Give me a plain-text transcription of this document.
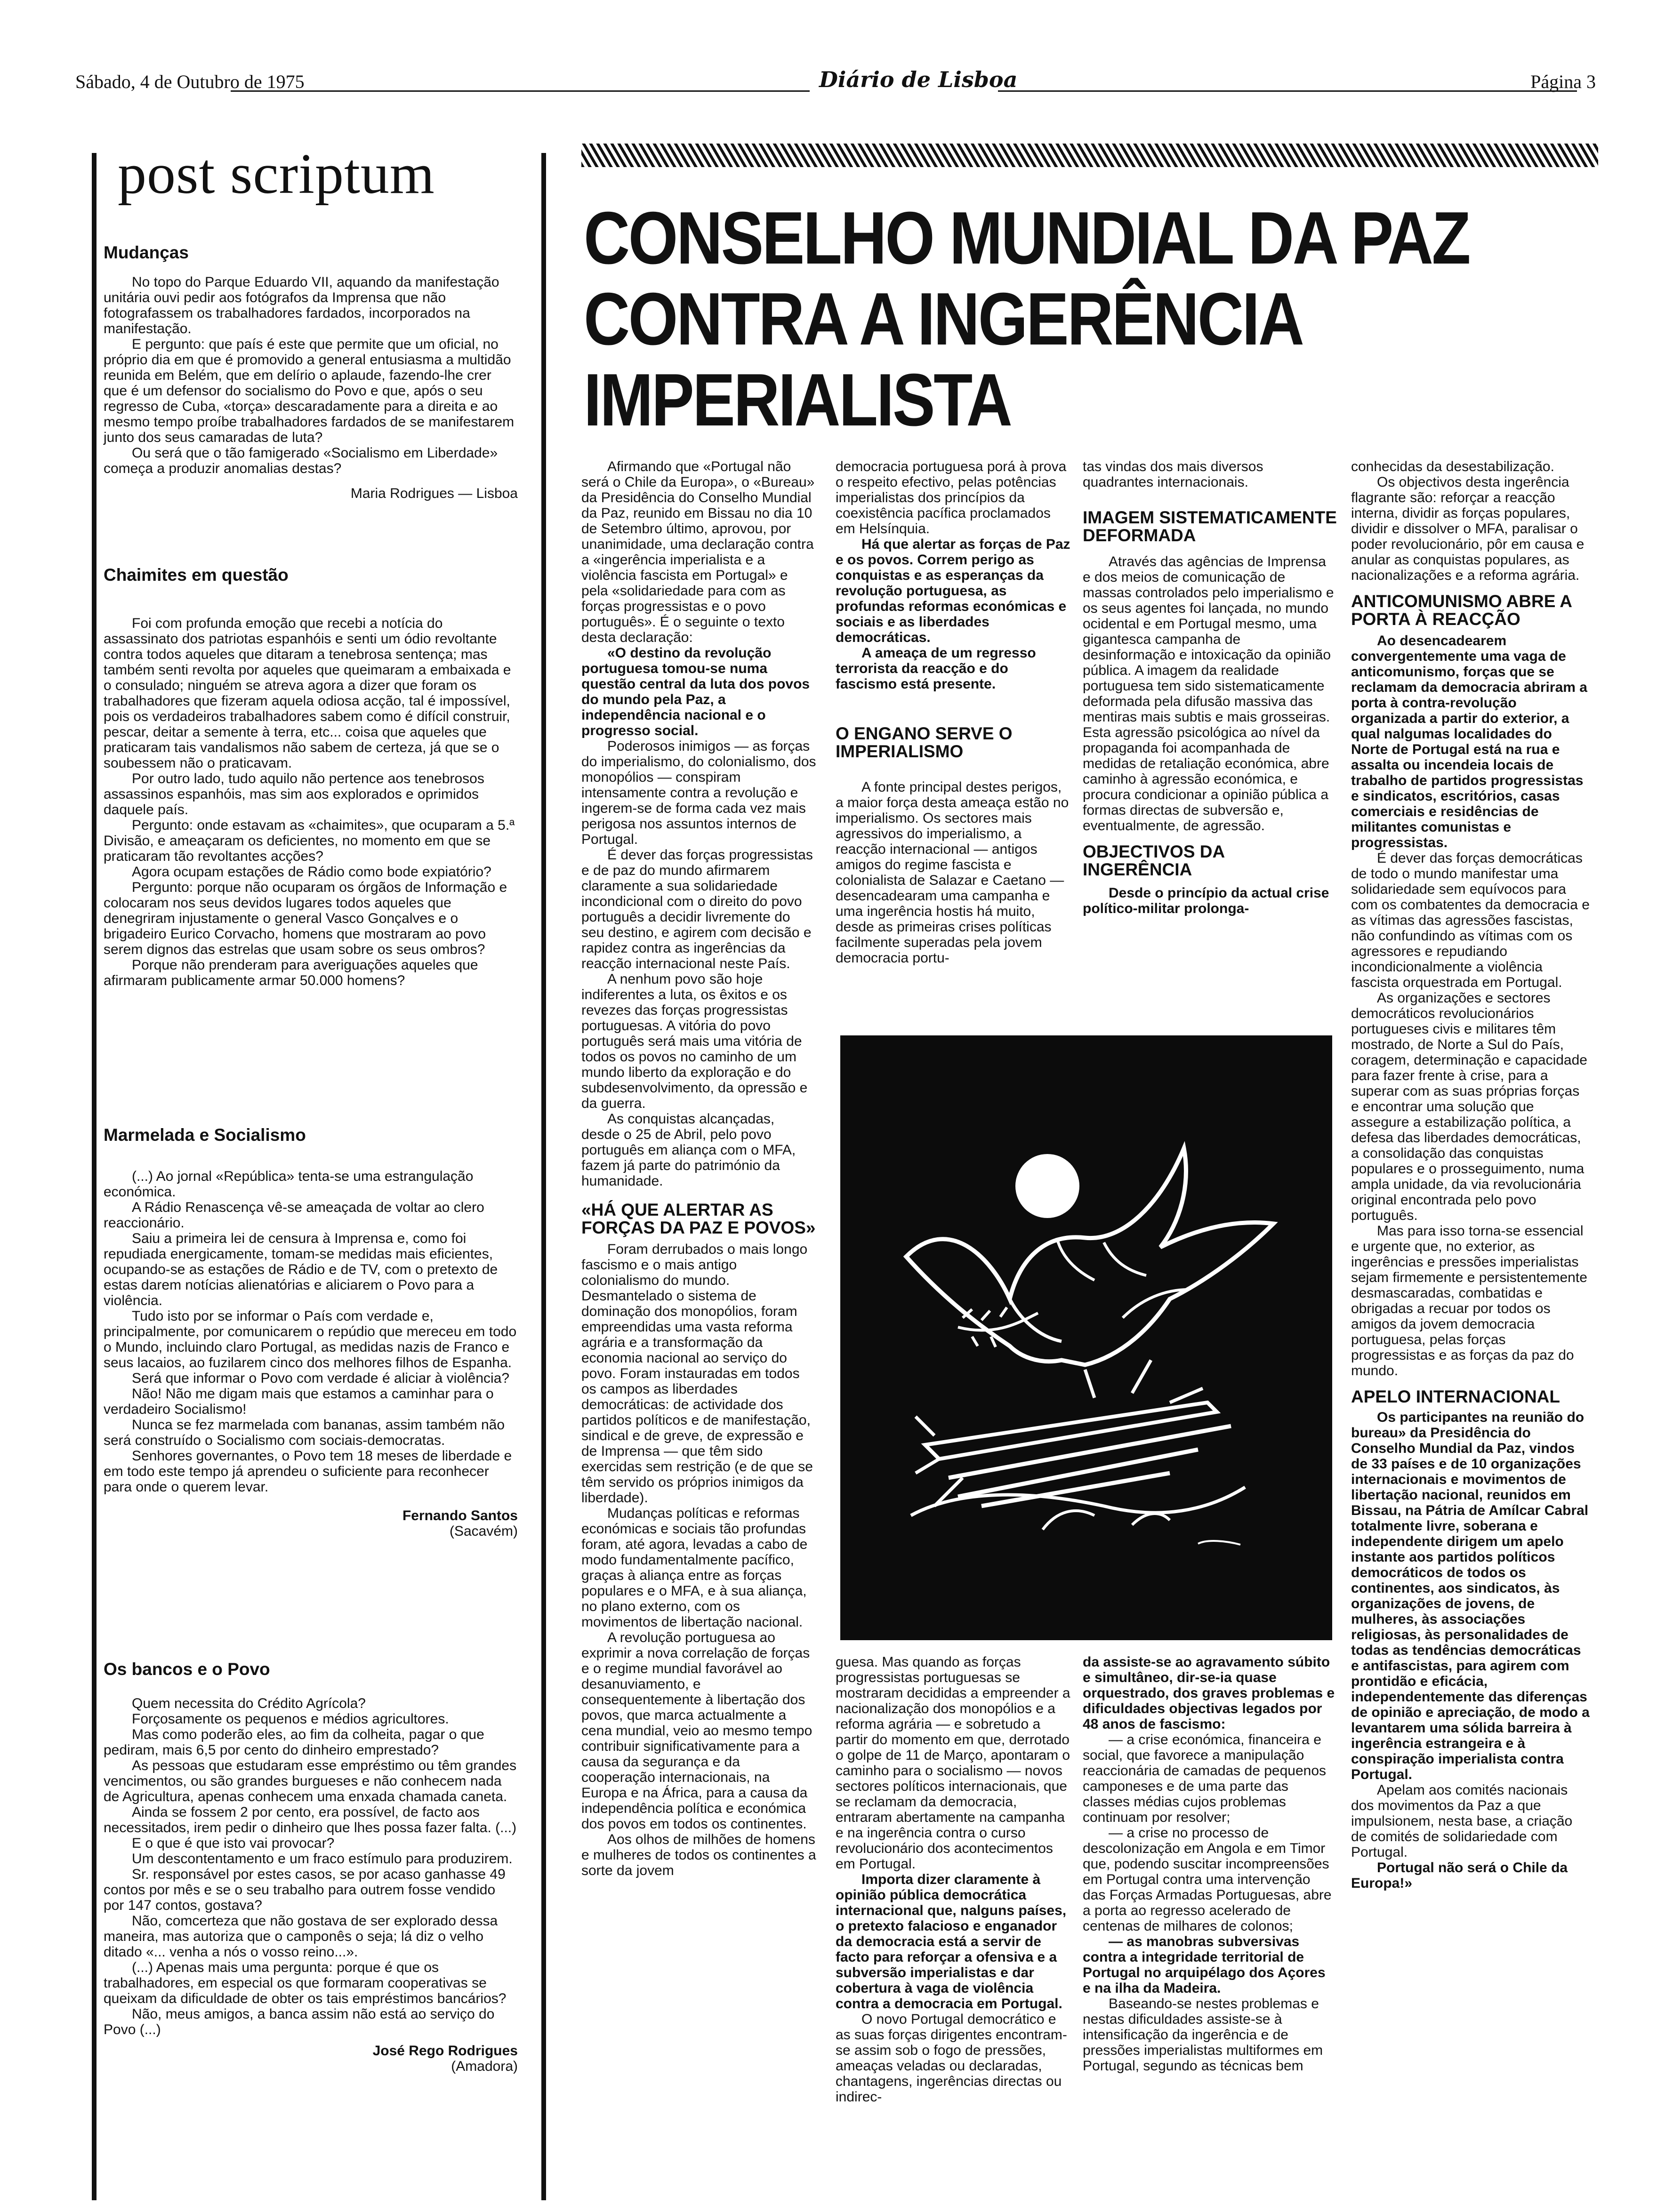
Sábado, 4 de Outubro de 1975	Diário de Lisboa	Página 3
post scriptum
Mudanças

No topo do Parque Eduardo VII, aquando da manifestação unitária ouvi pedir aos fotógrafos da Imprensa que não fotografassem os trabalhadores fardados, incorporados na manifestação.

E pergunto: que país é este que permite que um oficial, no próprio dia em que é promovido a general entusiasma a multidão reunida em Belém, que em delírio o aplaude, fazendo-lhe crer que é um defensor do socialismo do Povo e que, após o seu regresso de Cuba, «torça» descaradamente para a direita e ao mesmo tempo proíbe trabalhadores fardados de se manifestarem junto dos seus camaradas de luta?

Ou será que o tão famigerado «Socialismo em Liberdade» começa a produzir anomalias destas?

Maria Rodrigues — Lisboa

Chaimites em questão

Foi com profunda emoção que recebi a notícia do assassinato dos patriotas espanhóis e senti um ódio revoltante contra todos aqueles que ditaram a tenebrosa sentença; mas também senti revolta por aqueles que queimaram a embaixada e o consulado; ninguém se atreva agora a dizer que foram os trabalhadores que fizeram aquela odiosa acção, tal é impossível, pois os verdadeiros trabalhadores sabem como é difícil construir, pescar, deitar a semente à terra, etc... coisa que aqueles que praticaram tais vandalismos não sabem de certeza, já que se o soubessem não o praticavam.

Por outro lado, tudo aquilo não pertence aos tenebrosos assassinos espanhóis, mas sim aos explorados e oprimidos daquele país.

Pergunto: onde estavam as «chaimites», que ocuparam a 5.ª Divisão, e ameaçaram os deficientes, no momento em que se praticaram tão revoltantes acções?

Agora ocupam estações de Rádio como bode expiatório?

Pergunto: porque não ocuparam os órgãos de Informação e colocaram nos seus devidos lugares todos aqueles que denegriram injustamente o general Vasco Gonçalves e o brigadeiro Eurico Corvacho, homens que mostraram ao povo serem dignos das estrelas que usam sobre os seus ombros?

Porque não prenderam para averiguações aqueles que afirmaram publicamente armar 50.000 homens?

Marmelada e Socialismo

(...) Ao jornal «República» tenta-se uma estrangulação económica.

A Rádio Renascença vê-se ameaçada de voltar ao clero reaccionário.

Saiu a primeira lei de censura à Imprensa e, como foi repudiada energicamente, tomam-se medidas mais eficientes, ocupando-se as estações de Rádio e de TV, com o pretexto de estas darem notícias alienatórias e aliciarem o Povo para a violência.

Tudo isto por se informar o País com verdade e, principalmente, por comunicarem o repúdio que mereceu em todo o Mundo, incluindo claro Portugal, as medidas nazis de Franco e seus lacaios, ao fuzilarem cinco dos melhores filhos de Espanha.

Será que informar o Povo com verdade é aliciar à violência?

Não! Não me digam mais que estamos a caminhar para o verdadeiro Socialismo!

Nunca se fez marmelada com bananas, assim também não será construído o Socialismo com sociais-democratas.

Senhores governantes, o Povo tem 18 meses de liberdade e em todo este tempo já aprendeu o suficiente para reconhecer para onde o querem levar.

Fernando Santos

(Sacavém)

Os bancos e o Povo

Quem necessita do Crédito Agrícola?

Forçosamente os pequenos e médios agricultores.

Mas como poderão eles, ao fim da colheita, pagar o que pediram, mais 6,5 por cento do dinheiro emprestado?

As pessoas que estudaram esse empréstimo ou têm grandes vencimentos, ou são grandes burgueses e não conhecem nada de Agricultura, apenas conhecem uma enxada chamada caneta.

Ainda se fossem 2 por cento, era possível, de facto aos necessitados, irem pedir o dinheiro que lhes possa fazer falta. (...)

E o que é que isto vai provocar?

Um descontentamento e um fraco estímulo para produzirem.

Sr. responsável por estes casos, se por acaso ganhasse 49 contos por mês e se o seu trabalho para outrem fosse vendido por 147 contos, gostava?

Não, comcerteza que não gostava de ser explorado dessa maneira, mas autoriza que o camponês o seja; lá diz o velho ditado «... venha a nós o vosso reino...».

(...) Apenas mais uma pergunta: porque é que os trabalhadores, em especial os que formaram cooperativas se queixam da dificuldade de obter os tais empréstimos bancários?

Não, meus amigos, a banca assim não está ao serviço do Povo (...)

José Rego Rodrigues

(Amadora)

CONSELHO MUNDIAL DA PAZ
CONTRA A INGERÊNCIA
IMPERIALISTA

Afirmando que «Portugal não será o Chile da Europa», o «Bureau» da Presidência do Conselho Mundial da Paz, reunido em Bissau no dia 10 de Setembro último, aprovou, por unanimidade, uma declaração contra a «ingerência imperialista e a violência fascista em Portugal» e pela «solidariedade para com as forças progressistas e o povo português». É o seguinte o texto desta declaração:

«O destino da revolução portuguesa tomou-se numa questão central da luta dos povos do mundo pela Paz, a independência nacional e o progresso social.

Poderosos inimigos — as forças do imperialismo, do colonialismo, dos monopólios — conspiram intensamente contra a revolução e ingerem-se de forma cada vez mais perigosa nos assuntos internos de Portugal.

É dever das forças progressistas e de paz do mundo afirmarem claramente a sua solidariedade incondicional com o direito do povo português a decidir livremente do seu destino, e agirem com decisão e rapidez contra as ingerências da reacção internacional neste País.

A nenhum povo são hoje indiferentes a luta, os êxitos e os revezes das forças progressistas portuguesas. A vitória do povo português será mais uma vitória de todos os povos no caminho de um mundo liberto da exploração e do subdesenvolvimento, da opressão e da guerra.

As conquistas alcançadas, desde o 25 de Abril, pelo povo português em aliança com o MFA, fazem já parte do património da humanidade.

«HÁ QUE ALERTAR AS FORÇAS DA PAZ E POVOS»

Foram derrubados o mais longo fascismo e o mais antigo colonialismo do mundo. Desmantelado o sistema de dominação dos monopólios, foram empreendidas uma vasta reforma agrária e a transformação da economia nacional ao serviço do povo. Foram instauradas em todos os campos as liberdades democráticas: de actividade dos partidos políticos e de manifestação, sindical e de greve, de expressão e de Imprensa — que têm sido exercidas sem restrição (e de que se têm servido os próprios inimigos da liberdade).

Mudanças políticas e reformas económicas e sociais tão profundas foram, até agora, levadas a cabo de modo fundamentalmente pacífico, graças à aliança entre as forças populares e o MFA, e à sua aliança, no plano externo, com os movimentos de libertação nacional.

A revolução portuguesa ao exprimir a nova correlação de forças e o regime mundial favorável ao desanuviamento, e consequentemente à libertação dos povos, que marca actualmente a cena mundial, veio ao mesmo tempo contribuir significativamente para a causa da segurança e da cooperação internacionais, na Europa e na África, para a causa da independência política e económica dos povos em todos os continentes.

Aos olhos de milhões de homens e mulheres de todos os continentes a sorte da jovem

democracia portuguesa porá à prova o respeito efectivo, pelas potências imperialistas dos princípios da coexistência pacífica proclamados em Helsínquia.

Há que alertar as forças de Paz e os povos. Correm perigo as conquistas e as esperanças da revolução portuguesa, as profundas reformas económicas e sociais e as liberdades democráticas.

A ameaça de um regresso terrorista da reacção e do fascismo está presente.

O ENGANO SERVE O IMPERIALISMO

A fonte principal destes perigos, a maior força desta ameaça estão no imperialismo. Os sectores mais agressivos do imperialismo, a reacção internacional — antigos amigos do regime fascista e colonialista de Salazar e Caetano — desencadearam uma campanha e uma ingerência hostis há muito, desde as primeiras crises políticas facilmente superadas pela jovem democracia portu-

tas vindas dos mais diversos quadrantes internacionais.

IMAGEM SISTEMATICAMENTE DEFORMADA

Através das agências de Imprensa e dos meios de comunicação de massas controlados pelo imperialismo e os seus agentes foi lançada, no mundo ocidental e em Portugal mesmo, uma gigantesca campanha de desinformação e intoxicação da opinião pública. A imagem da realidade portuguesa tem sido sistematicamente deformada pela difusão massiva das mentiras mais subtis e mais grosseiras. Esta agressão psicológica ao nível da propaganda foi acompanhada de medidas de retaliação económica, abre caminho à agressão económica, e procura condicionar a opinião pública a formas directas de subversão e, eventualmente, de agressão.

OBJECTIVOS DA INGERÊNCIA

Desde o princípio da actual crise político-militar prolonga-

guesa. Mas quando as forças progressistas portuguesas se mostraram decididas a empreender a nacionalização dos monopólios e a reforma agrária — e sobretudo a partir do momento em que, derrotado o golpe de 11 de Março, apontaram o caminho para o socialismo — novos sectores políticos internacionais, que se reclamam da democracia, entraram abertamente na campanha e na ingerência contra o curso revolucionário dos acontecimentos em Portugal.

Importa dizer claramente à opinião pública democrática internacional que, nalguns países, o pretexto falacioso e enganador da democracia está a servir de facto para reforçar a ofensiva e a subversão imperialistas e dar cobertura à vaga de violência contra a democracia em Portugal.

O novo Portugal democrático e as suas forças dirigentes encontram-se assim sob o fogo de pressões, ameaças veladas ou declaradas, chantagens, ingerências directas ou indirec-

da assiste-se ao agravamento súbito e simultâneo, dir-se-ia quase orquestrado, dos graves problemas e dificuldades objectivas legados por 48 anos de fascismo:

— a crise económica, financeira e social, que favorece a manipulação reaccionária de camadas de pequenos camponeses e de uma parte das classes médias cujos problemas continuam por resolver;

— a crise no processo de descolonização em Angola e em Timor que, podendo suscitar incompreensões em Portugal contra uma intervenção das Forças Armadas Portuguesas, abre a porta ao regresso acelerado de centenas de milhares de colonos;

— as manobras subversivas contra a integridade territorial de Portugal no arquipélago dos Açores e na ilha da Madeira.

Baseando-se nestes problemas e nestas dificuldades assiste-se à intensificação da ingerência e de pressões imperialistas multiformes em Portugal, segundo as técnicas bem

conhecidas da desestabilização.

Os objectivos desta ingerência flagrante são: reforçar a reacção interna, dividir as forças populares, dividir e dissolver o MFA, paralisar o poder revolucionário, pôr em causa e anular as conquistas populares, as nacionalizações e a reforma agrária.

ANTICOMUNISMO ABRE A PORTA À REACÇÃO

Ao desencadearem convergentemente uma vaga de anticomunismo, forças que se reclamam da democracia abriram a porta à contra-revolução organizada a partir do exterior, a qual nalgumas localidades do Norte de Portugal está na rua e assalta ou incendeia locais de trabalho de partidos progressistas e sindicatos, escritórios, casas comerciais e residências de militantes comunistas e progressistas.

É dever das forças democráticas de todo o mundo manifestar uma solidariedade sem equívocos para com os combatentes da democracia e as vítimas das agressões fascistas, não confundindo as vítimas com os agressores e repudiando incondicionalmente a violência fascista orquestrada em Portugal.

As organizações e sectores democráticos revolucionários portugueses civis e militares têm mostrado, de Norte a Sul do País, coragem, determinação e capacidade para fazer frente à crise, para a superar com as suas próprias forças e encontrar uma solução que assegure a estabilização política, a defesa das liberdades democráticas, a consolidação das conquistas populares e o prosseguimento, numa ampla unidade, da via revolucionária original encontrada pelo povo português.

Mas para isso torna-se essencial e urgente que, no exterior, as ingerências e pressões imperialistas sejam firmemente e persistentemente desmascaradas, combatidas e obrigadas a recuar por todos os amigos da jovem democracia portuguesa, pelas forças progressistas e as forças da paz do mundo.

APELO INTERNACIONAL

Os participantes na reunião do bureau» da Presidência do Conselho Mundial da Paz, vindos de 33 países e de 10 organizações internacionais e movimentos de libertação nacional, reunidos em Bissau, na Pátria de Amílcar Cabral totalmente livre, soberana e independente dirigem um apelo instante aos partidos políticos democráticos de todos os continentes, aos sindicatos, às organizações de jovens, de mulheres, às associações religiosas, às personalidades de todas as tendências democráticas e antifascistas, para agirem com prontidão e eficácia, independentemente das diferenças de opinião e apreciação, de modo a levantarem uma sólida barreira à ingerência estrangeira e à conspiração imperialista contra Portugal.

Apelam aos comités nacionais dos movimentos da Paz a que impulsionem, nesta base, a criação de comités de solidariedade com Portugal.

Portugal não será o Chile da Europa!»
